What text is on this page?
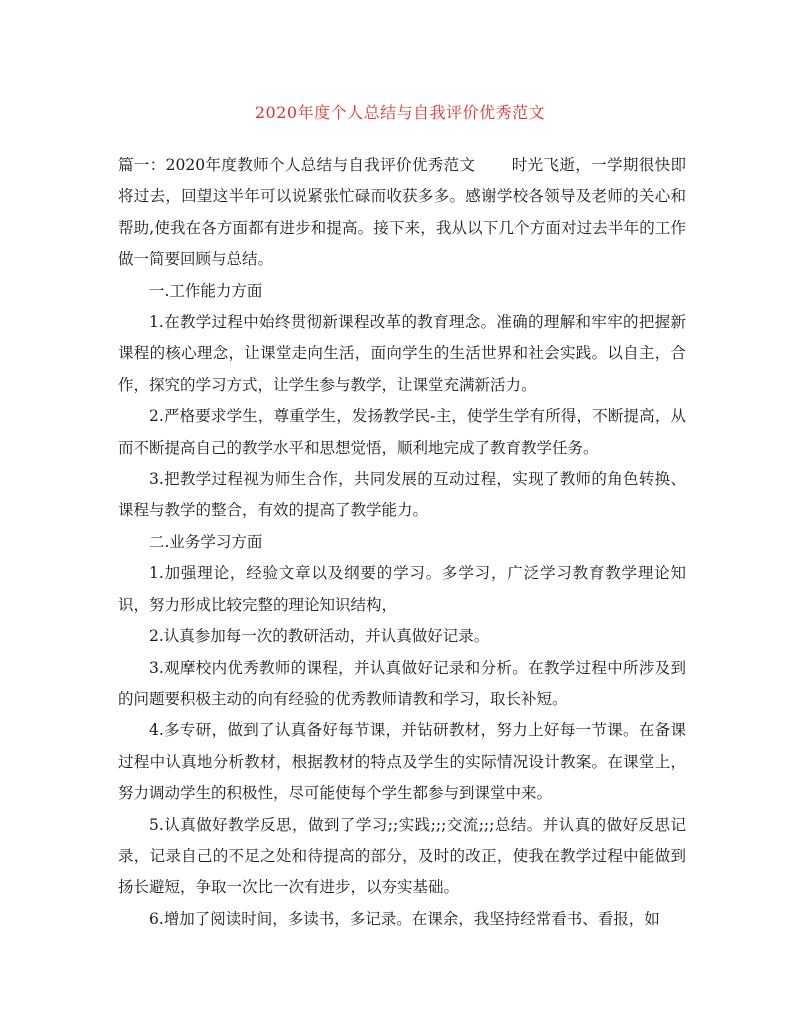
2020年度个人总结与自我评价优秀范文

篇一：2020年度教师个人总结与自我评价优秀范文 时光飞逝，一学期很快即将过去，回望这半年可以说紧张忙碌而收获多多。感谢学校各领导及老师的关心和帮助,使我在各方面都有进步和提高。接下来，我从以下几个方面对过去半年的工作做一简要回顾与总结。

一.工作能力方面

1.在教学过程中始终贯彻新课程改革的教育理念。准确的理解和牢牢的把握新课程的核心理念，让课堂走向生活，面向学生的生活世界和社会实践。以自主，合作，探究的学习方式，让学生参与教学，让课堂充满新活力。

2.严格要求学生，尊重学生，发扬教学民-主，使学生学有所得，不断提高，从而不断提高自己的教学水平和思想觉悟，顺利地完成了教育教学任务。

3.把教学过程视为师生合作，共同发展的互动过程，实现了教师的角色转换、课程与教学的整合，有效的提高了教学能力。

二.业务学习方面

1.加强理论，经验文章以及纲要的学习。多学习，广泛学习教育教学理论知识，努力形成比较完整的理论知识结构，

2.认真参加每一次的教研活动，并认真做好记录。

3.观摩校内优秀教师的课程，并认真做好记录和分析。在教学过程中所涉及到的问题要积极主动的向有经验的优秀教师请教和学习，取长补短。

4.多专研，做到了认真备好每节课，并钻研教材，努力上好每一节课。在备课过程中认真地分析教材，根据教材的特点及学生的实际情况设计教案。在课堂上，努力调动学生的积极性，尽可能使每个学生都参与到课堂中来。

5.认真做好教学反思，做到了学习;;实践;;;交流;;;总结。并认真的做好反思记录，记录自己的不足之处和待提高的部分，及时的改正，使我在教学过程中能做到扬长避短，争取一次比一次有进步，以夯实基础。

6.增加了阅读时间，多读书，多记录。在课余，我坚持经常看书、看报，如
